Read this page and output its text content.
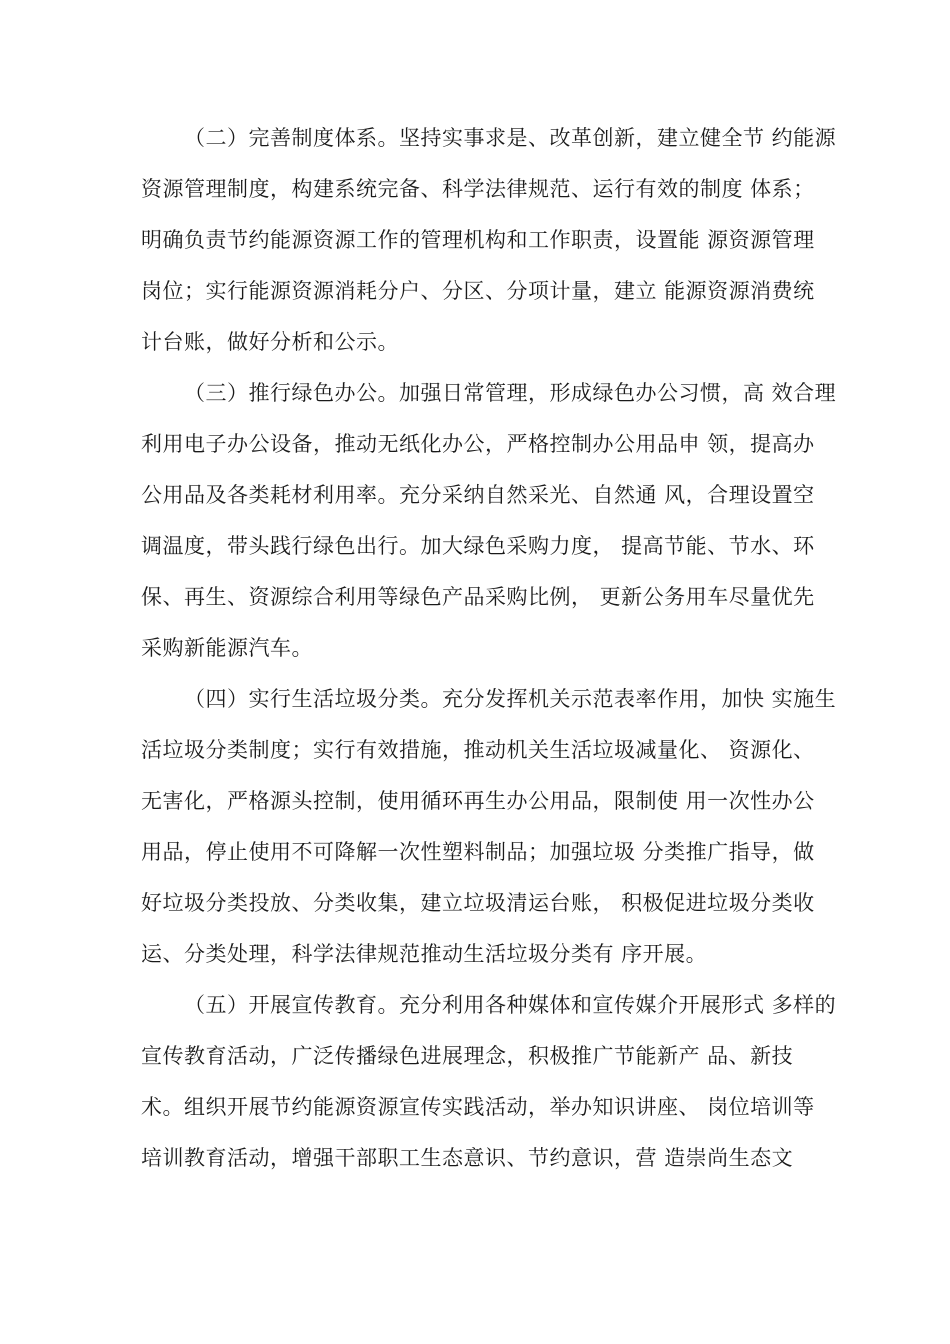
（二）完善制度体系。坚持实事求是、改革创新，建立健全节 约能源
资源管理制度，构建系统完备、科学法律规范、运行有效的制度 体系；
明确负责节约能源资源工作的管理机构和工作职责，设置能 源资源管理
岗位；实行能源资源消耗分户、分区、分项计量，建立 能源资源消费统
计台账，做好分析和公示。
（三）推行绿色办公。加强日常管理，形成绿色办公习惯，高 效合理
利用电子办公设备，推动无纸化办公，严格控制办公用品申 领，提高办
公用品及各类耗材利用率。充分采纳自然采光、自然通 风，合理设置空
调温度，带头践行绿色出行。加大绿色采购力度， 提高节能、节水、环
保、再生、资源综合利用等绿色产品采购比例， 更新公务用车尽量优先
采购新能源汽车。
（四）实行生活垃圾分类。充分发挥机关示范表率作用，加快 实施生
活垃圾分类制度；实行有效措施，推动机关生活垃圾减量化、 资源化、
无害化，严格源头控制，使用循环再生办公用品，限制使 用一次性办公
用品，停止使用不可降解一次性塑料制品；加强垃圾 分类推广指导，做
好垃圾分类投放、分类收集，建立垃圾清运台账， 积极促进垃圾分类收
运、分类处理，科学法律规范推动生活垃圾分类有 序开展。
（五）开展宣传教育。充分利用各种媒体和宣传媒介开展形式 多样的
宣传教育活动，广泛传播绿色进展理念，积极推广节能新产 品、新技
术。组织开展节约能源资源宣传实践活动，举办知识讲座、 岗位培训等
培训教育活动，增强干部职工生态意识、节约意识，营 造崇尚生态文
